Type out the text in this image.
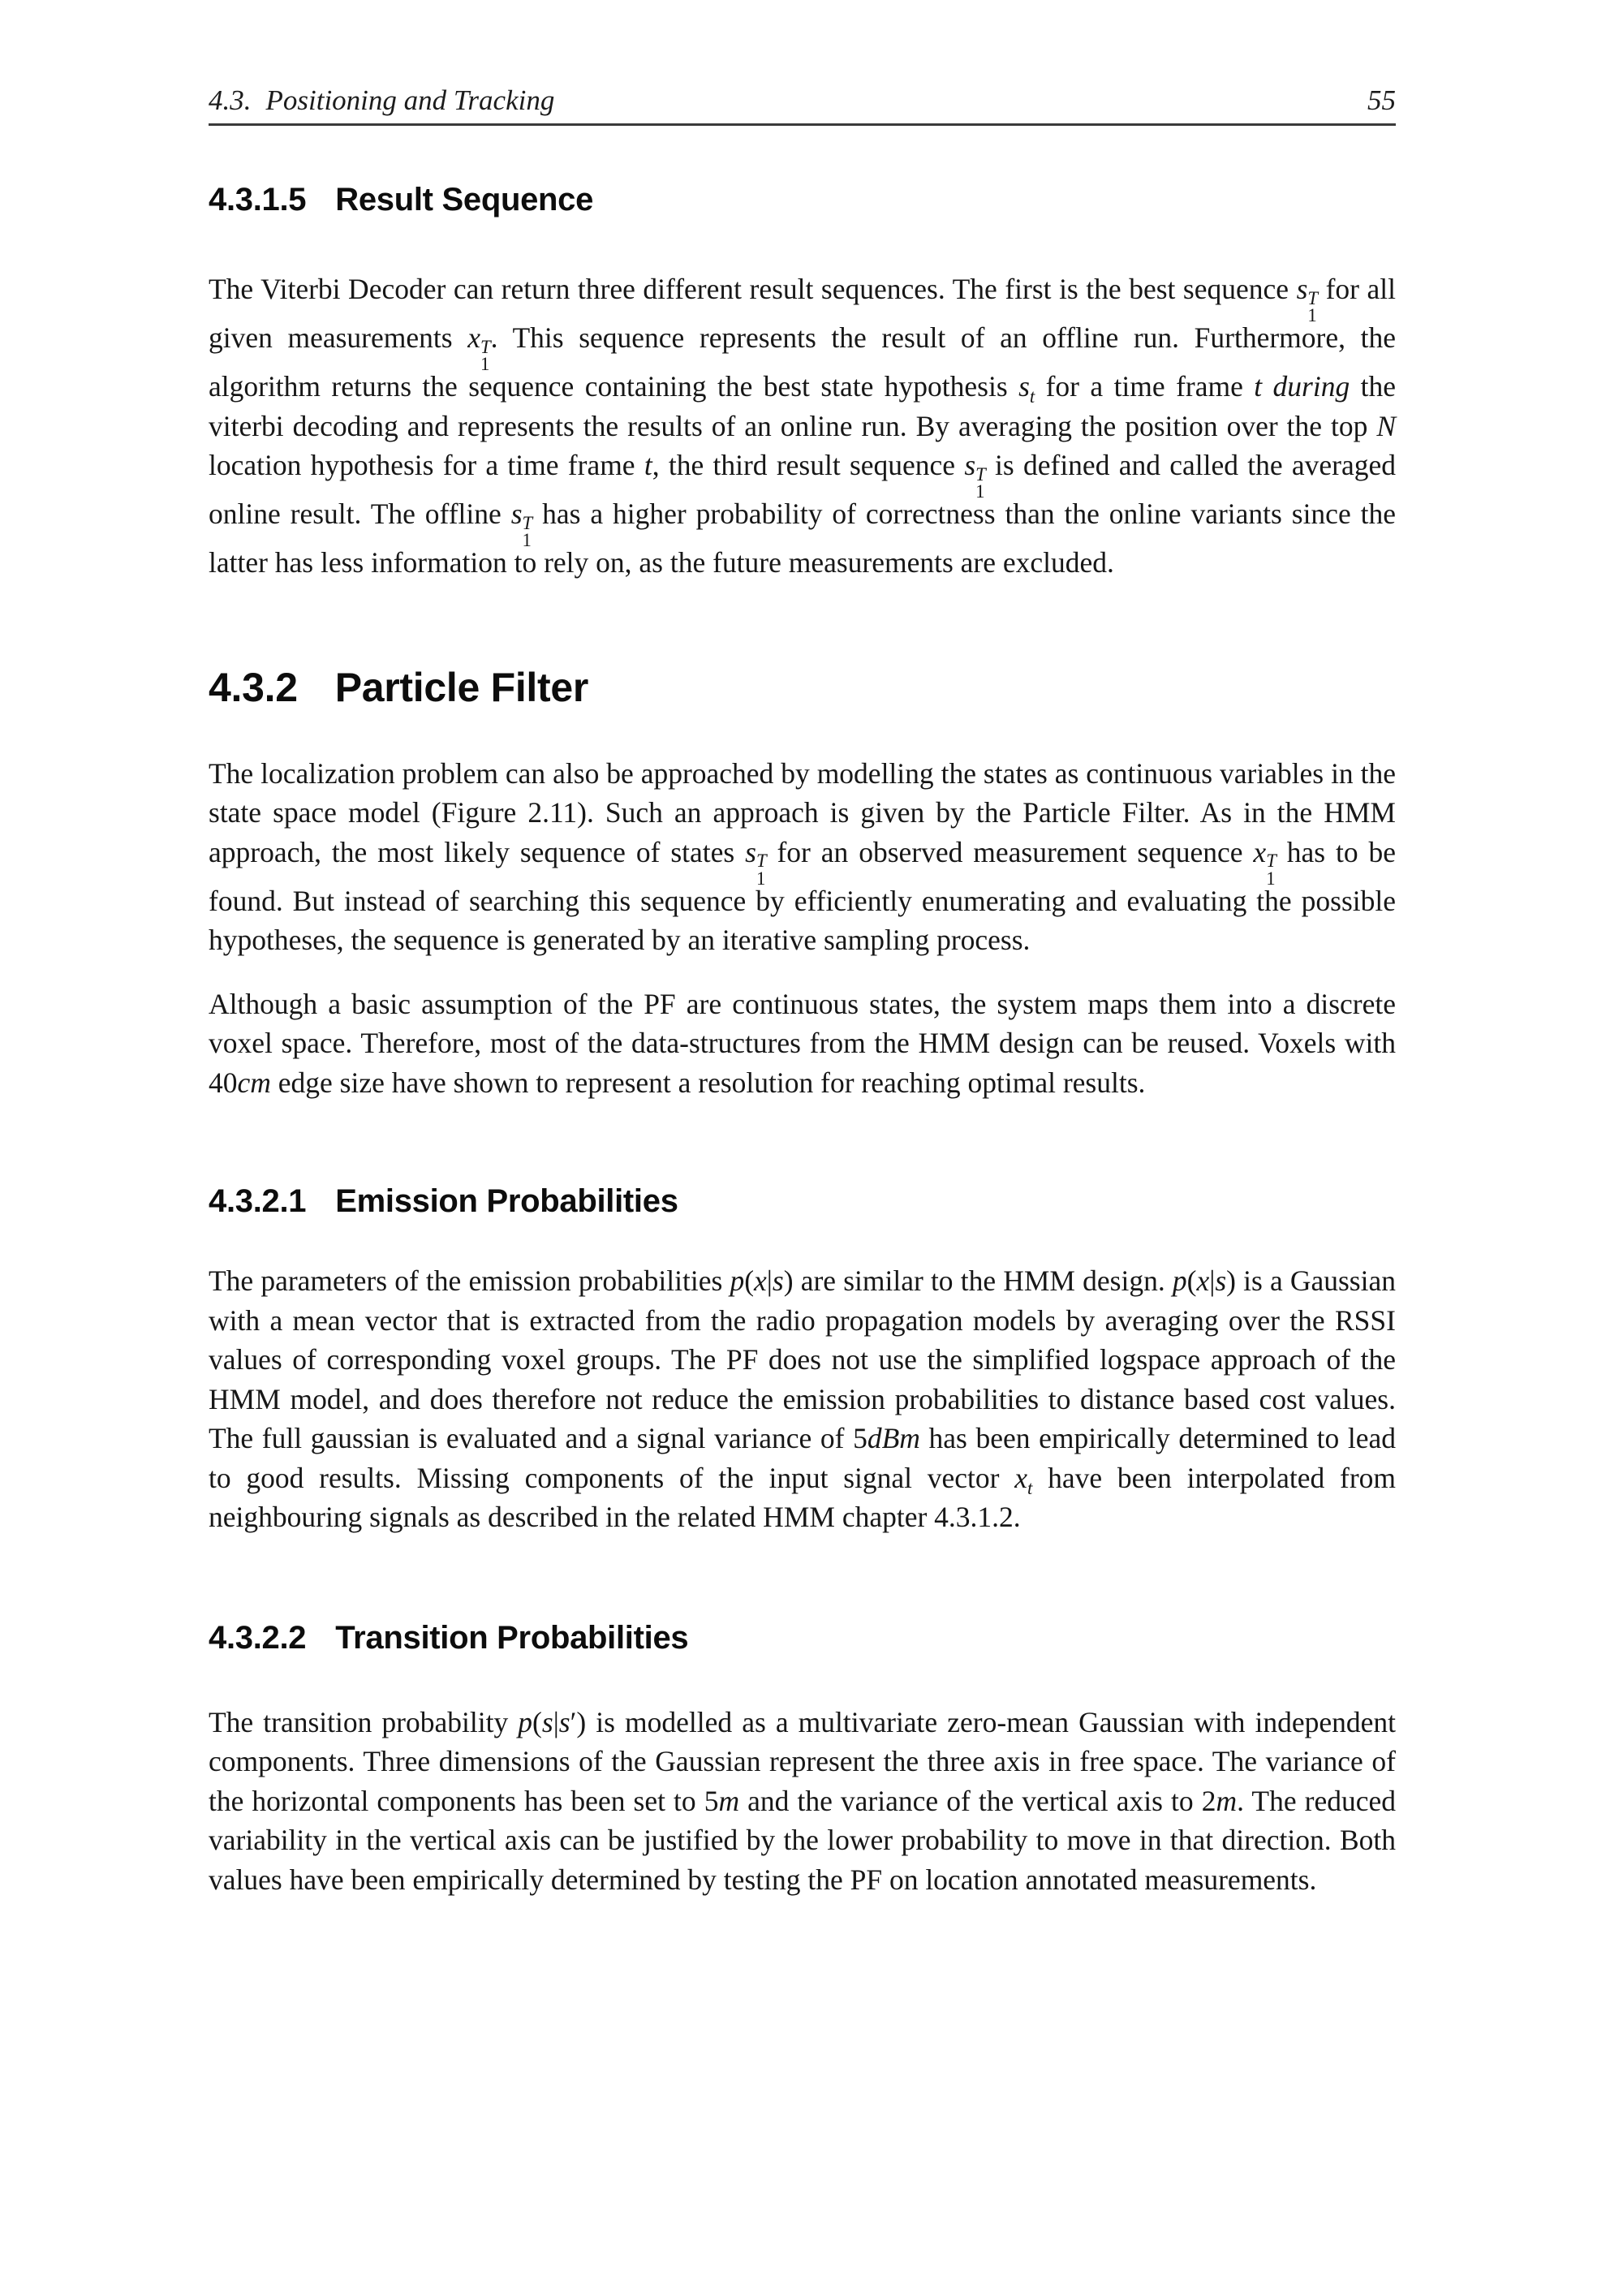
4.3. Positioning and Tracking	55
4.3.1.5 Result Sequence
The Viterbi Decoder can return three different result sequences. The first is the best sequence s T
1
for all given measurements x T
1
. This sequence represents the result of an offline run. Furthermore, the algorithm returns the sequence containing the best state hypothesis $s_t$ for a time frame t during the viterbi decoding and represents the results of an online run. By averaging the position over the top N location hypothesis for a time frame t, the third result sequence s T
1
is defined and called the averaged online result. The offline s T
1
has a higher probability of correctness than the online variants since the latter has less information to rely on, as the future measurements are excluded.
4.3.2 Particle Filter
The localization problem can also be approached by modelling the states as continuous variables in the state space model (Figure 2.11). Such an approach is given by the Particle Filter. As in the HMM approach, the most likely sequence of states s T
1
for an observed measurement sequence x T
1
has to be found. But instead of searching this sequence by efficiently enumerating and evaluating the possible hypotheses, the sequence is generated by an iterative sampling process.
Although a basic assumption of the PF are continuous states, the system maps them into a discrete voxel space. Therefore, most of the data-structures from the HMM design can be reused. Voxels with 40cm edge size have shown to represent a resolution for reaching optimal results.
4.3.2.1 Emission Probabilities
The parameters of the emission probabilities p(x|s) are similar to the HMM design. p(x|s) is a Gaussian with a mean vector that is extracted from the radio propagation models by averaging over the RSSI values of corresponding voxel groups. The PF does not use the simplified logspace approach of the HMM model, and does therefore not reduce the emission probabilities to distance based cost values. The full gaussian is evaluated and a signal variance of 5dBm has been empirically determined to lead to good results. Missing components of the input signal vector $x_t$ have been interpolated from neighbouring signals as described in the related HMM chapter 4.3.1.2.
4.3.2.2 Transition Probabilities
The transition probability p(s|s′) is modelled as a multivariate zero-mean Gaussian with independent components. Three dimensions of the Gaussian represent the three axis in free space. The variance of the horizontal components has been set to 5m and the variance of the vertical axis to 2m. The reduced variability in the vertical axis can be justified by the lower probability to move in that direction. Both values have been empirically determined by testing the PF on location annotated measurements.
